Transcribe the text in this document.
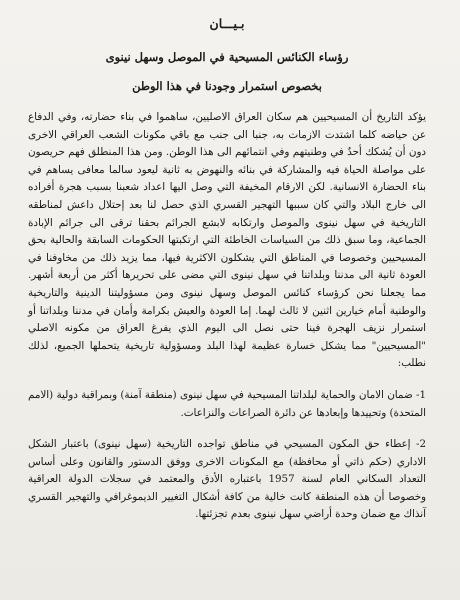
بـيـــان
رؤساء الكنائس المسيحية في الموصل وسهل نينوى
بخصوص استمرار وجودنا في هذا الوطن

يؤكد التاريخ أن المسيحيين هم سكان العراق الاصليين، ساهموا في بناء حضارته، وفي الدفاع عن حياضه كلما اشتدت الازمات به، جنبا الى جنب مع باقي مكونات الشعب العراقي الاخرى دون أن يُشكك أحدٌ في وطنيتهم وفي انتمائهم الى هذا الوطن. ومن هذا المنطلق فهم حريصون على مواصلة الحياة فيه والمشاركة في بنائه والنهوض به ثانية ليعود سالما معافى يساهم في بناء الحضارة الانسانية. لكن الارقام المخيفة التي وصل اليها اعداد شعبنا بسبب هجرة أفراده الى خارج البلاد والتي كان سببها التهجير القسري الذي حصل لنا بعد إحتلال داعش لمناطقه التاريخية في سهل نينوى والموصل وارتكابه لابشع الجرائم بحقنا ترقى الى جرائم الإبادة الجماعية، وما سبق ذلك من السياسات الخاطئة التي ارتكبتها الحكومات السابقة والحالية بحق المسيحيين وخصوصا في المناطق التي يشكلون الاكثرية فيها، مما يزيد ذلك من مخاوفنا في العودة ثانية الى مدننا وبلداتنا في سهل نينوى التي مضى على تحريرها أكثر من أربعة أشهر. مما يجعلنا نحن كرؤساء كنائس الموصل وسهل نينوى ومن مسؤوليتنا الدينية والتاريخية والوطنية أمام خيارين اثنين لا ثالث لهما. إما العودة والعيش بكرامة وأمان في مدننا وبلداتنا أو استمرار نزيف الهجرة فينا حتى نصل الى اليوم الذي يفرغ العراق من مكونه الاصلي "المسيحيين" مما يشكل خسارة عظيمة لهذا البلد ومسؤولية تاريخية يتحملها الجميع، لذلك نطلب:

1- ضمان الامان والحماية لبلداتنا المسيحية في سهل نينوى (منطقة آمنة) وبمراقبة دولية (الامم المتحدة) وتحييدها وإبعادها عن دائرة الصراعات والنزاعات.

2- إعطاء حق المكون المسيحي في مناطق تواجده التاريخية (سهل نينوى) باعتبار الشكل الاداري (حكم ذاتي أو محافظة) مع المكونات الاخرى ووفق الدستور والقانون وعلى أساس التعداد السكاني العام لسنة 1957 باعتباره الأدق والمعتمد في سجلات الدولة العراقية وخصوصا أن هذه المنطقة كانت خالية من كافة أشكال التغيير الديموغرافي والتهجير القسري آنذاك مع ضمان وحدة أراضي سهل نينوى بعدم تجزئتها.
